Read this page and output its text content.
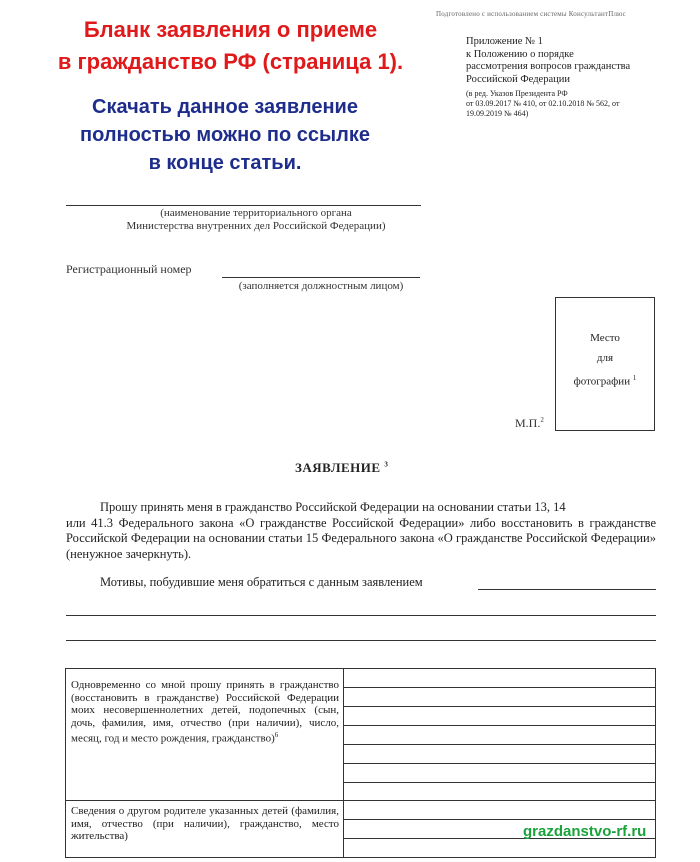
Бланк заявления о приеме
в гражданство РФ (страница 1).
Скачать данное заявление
полностью можно по ссылке
в конце статьи.
Подготовлено с использованием системы КонсультантПлюс
Приложение № 1
к Положению о порядке
рассмотрения вопросов гражданства
Российской Федерации
(в ред. Указов Президента РФ
от 03.09.2017 № 410, от 02.10.2018 № 562, от
19.09.2019 № 464)
(наименование территориального органа
Министерства внутренних дел Российской Федерации)
Регистрационный номер
(заполняется должностным лицом)
Место
для
фотографии $^1$
М.П.$^2$
ЗАЯВЛЕНИЕ $^3$
Прошу принять меня в гражданство Российской Федерации на основании статьи 13, 14
или 41.3 Федерального закона «О гражданстве Российской Федерации» либо восстановить в гражданстве Российской Федерации на основании статьи 15 Федерального закона «О гражданстве Российской Федерации» (ненужное зачеркнуть).
Мотивы, побудившие меня обратиться с данным заявлением
Одновременно со мной прошу принять в гражданство (восстановить в гражданстве) Российской Федерации моих несовершеннолетних детей, подопечных (сын, дочь, фамилия, имя, отчество (при наличии), число, месяц, год и место рождения, гражданство)$^6$	

Сведения о другом родителе указанных детей (фамилия, имя, отчество (при наличии), гражданство, место жительства)		grazdanstvo-rf.ru
